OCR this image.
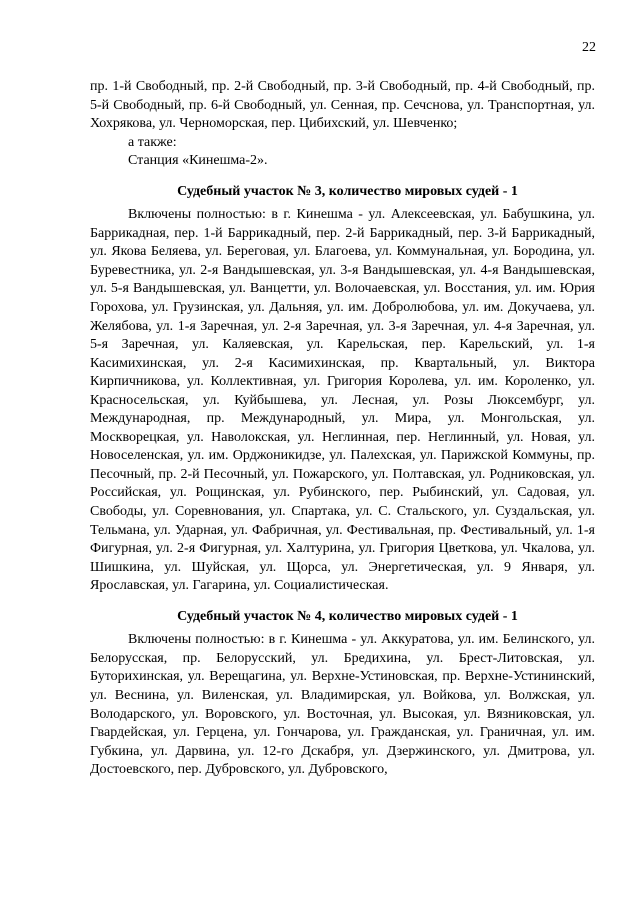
22

пр. 1-й Свободный, пр. 2-й Свободный, пр. 3-й Свободный, пр. 4-й Свободный, пр. 5-й Свободный, пр. 6-й Свободный, ул. Сенная, пр. Сечснова, ул. Транспортная, ул. Хохрякова, ул. Черноморская, пер. Цибихский, ул. Шевченко;

а также:

Станция «Кинешма-2».

Судебный участок № 3, количество мировых судей - 1

Включены полностью: в г. Кинешма - ул. Алексеевская, ул. Бабушкина, ул. Баррикадная, пер. 1-й Баррикадный, пер. 2-й Баррикадный, пер. 3-й Баррикадный, ул. Якова Беляева, ул. Береговая, ул. Благоева, ул. Коммунальная, ул. Бородина, ул. Буревестника, ул. 2-я Вандышевская, ул. 3-я Вандышевская, ул. 4-я Вандышевская, ул. 5-я Вандышевская, ул. Ванцетти, ул. Волочаевская, ул. Восстания, ул. им. Юрия Горохова, ул. Грузинская, ул. Дальняя, ул. им. Добролюбова, ул. им. Докучаева, ул. Желябова, ул. 1-я Заречная, ул. 2-я Заречная, ул. 3-я Заречная, ул. 4-я Заречная, ул. 5-я Заречная, ул. Каляевская, ул. Карельская, пер. Карельский, ул. 1-я Касимихинская, ул. 2-я Касимихинская, пр. Квартальный, ул. Виктора Кирпичникова, ул. Коллективная, ул. Григория Королева, ул. им. Короленко, ул. Красносельская, ул. Куйбышева, ул. Лесная, ул. Розы Люксембург, ул. Международная, пр. Международный, ул. Мира, ул. Монгольская, ул. Москворецкая, ул. Наволокская, ул. Неглинная, пер. Неглинный, ул. Новая, ул. Новоселенская, ул. им. Орджоникидзе, ул. Палехская, ул. Парижской Коммуны, пр. Песочный, пр. 2-й Песочный, ул. Пожарского, ул. Полтавская, ул. Родниковская, ул. Российская, ул. Рощинская, ул. Рубинского, пер. Рыбинский, ул. Садовая, ул. Свободы, ул. Соревнования, ул. Спартака, ул. С. Стальского, ул. Суздальская, ул. Тельмана, ул. Ударная, ул. Фабричная, ул. Фестивальная, пр. Фестивальный, ул. 1-я Фигурная, ул. 2-я Фигурная, ул. Халтурина, ул. Григория Цветкова, ул. Чкалова, ул. Шишкина, ул. Шуйская, ул. Щорса, ул. Энергетическая, ул. 9 Января, ул. Ярославская, ул. Гагарина, ул. Социалистическая.

Судебный участок № 4, количество мировых судей - 1

Включены полностью: в г. Кинешма - ул. Аккуратова, ул. им. Белинского, ул. Белорусская, пр. Белорусский, ул. Бредихина, ул. Брест-Литовская, ул. Буторихинская, ул. Верещагина, ул. Верхне-Устиновская, пр. Верхне-Устининский, ул. Веснина, ул. Виленская, ул. Владимирская, ул. Войкова, ул. Волжская, ул. Володарского, ул. Воровского, ул. Восточная, ул. Высокая, ул. Вязниковская, ул. Гвардейская, ул. Герцена, ул. Гончарова, ул. Гражданская, ул. Граничная, ул. им. Губкина, ул. Дарвина, ул. 12-го Дскабря, ул. Дзержинского, ул. Дмитрова, ул. Достоевского, пер. Дубровского, ул. Дубровского,
